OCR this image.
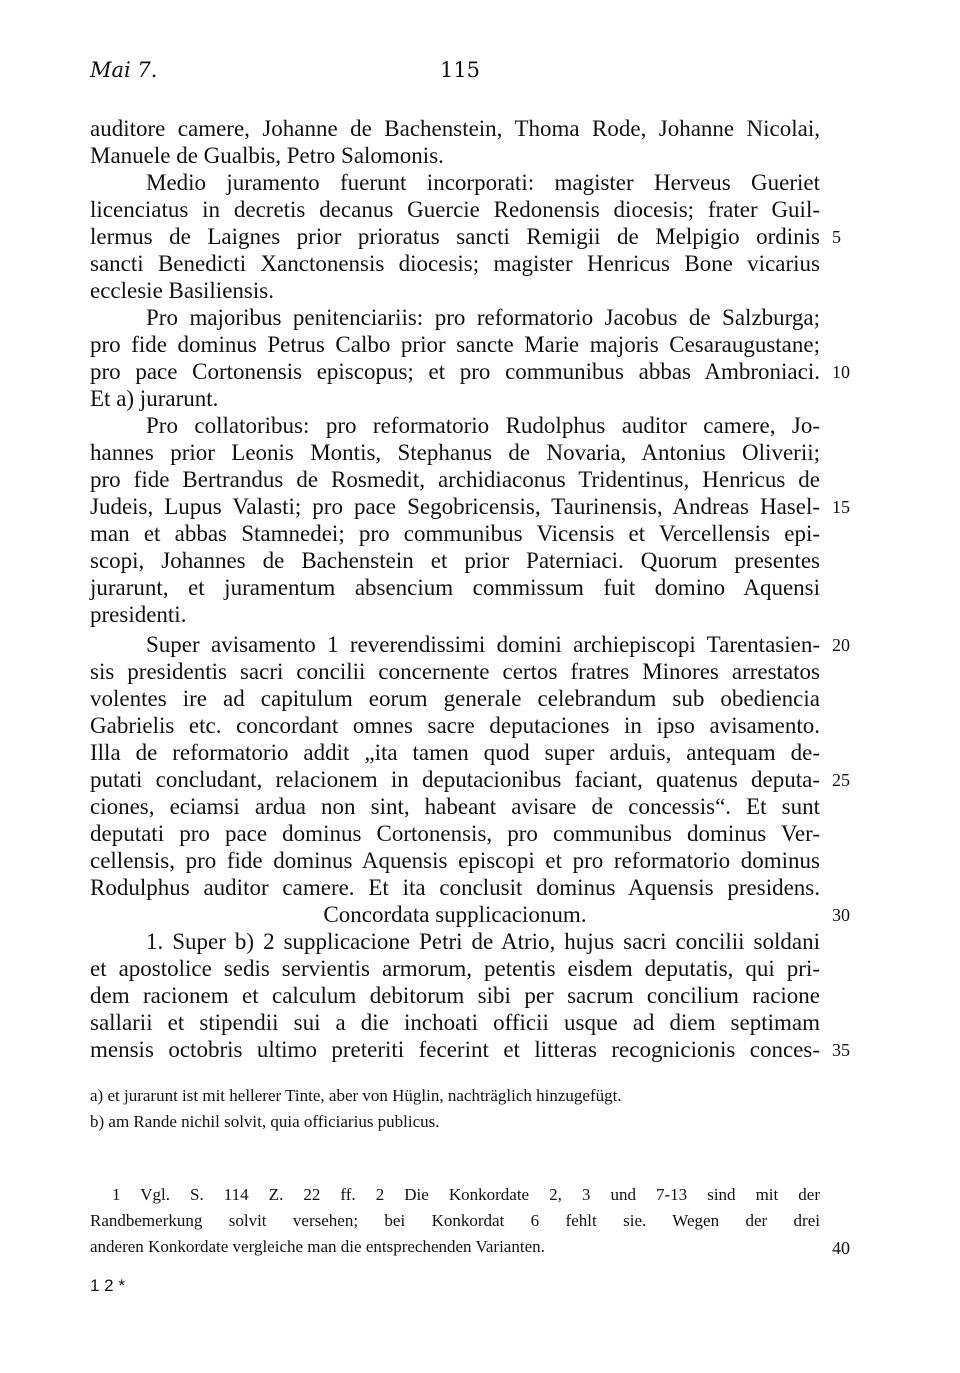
Mai 7.	115
auditore camere, Johanne de Bachenstein, Thoma Rode, Johanne Nicolai,
Manuele de Gualbis, Petro Salomonis.
Medio juramento fuerunt incorporati: magister Herveus Gueriet
licenciatus in decretis decanus Guercie Redonensis diocesis; frater Guil-
lermus de Laignes prior prioratus sancti Remigii de Melpigio ordinis
sancti Benedicti Xanctonensis diocesis; magister Henricus Bone vicarius
ecclesie Basiliensis.
Pro majoribus penitenciariis: pro reformatorio Jacobus de Salzburga;
pro fide dominus Petrus Calbo prior sancte Marie majoris Cesaraugustane;
pro pace Cortonensis episcopus; et pro communibus abbas Ambroniaci.
Et a) jurarunt.
Pro collatoribus: pro reformatorio Rudolphus auditor camere, Jo-
hannes prior Leonis Montis, Stephanus de Novaria, Antonius Oliverii;
pro fide Bertrandus de Rosmedit, archidiaconus Tridentinus, Henricus de
Judeis, Lupus Valasti; pro pace Segobricensis, Taurinensis, Andreas Hasel-
man et abbas Stamnedei; pro communibus Vicensis et Vercellensis epi-
scopi, Johannes de Bachenstein et prior Paterniaci. Quorum presentes
jurarunt, et juramentum absencium commissum fuit domino Aquensi
presidenti.
Super avisamento 1 reverendissimi domini archiepiscopi Tarentasien-
sis presidentis sacri concilii concernente certos fratres Minores arrestatos
volentes ire ad capitulum eorum generale celebrandum sub obediencia
Gabrielis etc. concordant omnes sacre deputaciones in ipso avisamento.
Illa de reformatorio addit „ita tamen quod super arduis, antequam de-
putati concludant, relacionem in deputacionibus faciant, quatenus deputa-
ciones, eciamsi ardua non sint, habeant avisare de concessis“. Et sunt
deputati pro pace dominus Cortonensis, pro communibus dominus Ver-
cellensis, pro fide dominus Aquensis episcopi et pro reformatorio dominus
Rodulphus auditor camere. Et ita conclusit dominus Aquensis presidens.
Concordata supplicacionum.
1. Super b) 2 supplicacione Petri de Atrio, hujus sacri concilii soldani
et apostolice sedis servientis armorum, petentis eisdem deputatis, qui pri-
dem racionem et calculum debitorum sibi per sacrum concilium racione
sallarii et stipendii sui a die inchoati officii usque ad diem septimam
mensis octobris ultimo preteriti fecerint et litteras recognicionis conces-
5
10
15
20
25
30
35
40
a) et jurarunt ist mit hellerer Tinte, aber von Hüglin, nachträglich hinzugefügt.
b) am Rande nichil solvit, quia officiarius publicus.
1 Vgl. S. 114 Z. 22 ff. 2 Die Konkordate 2, 3 und 7-13 sind mit der
Randbemerkung solvit versehen; bei Konkordat 6 fehlt sie. Wegen der drei
anderen Konkordate vergleiche man die entsprechenden Varianten.
1 2 *
